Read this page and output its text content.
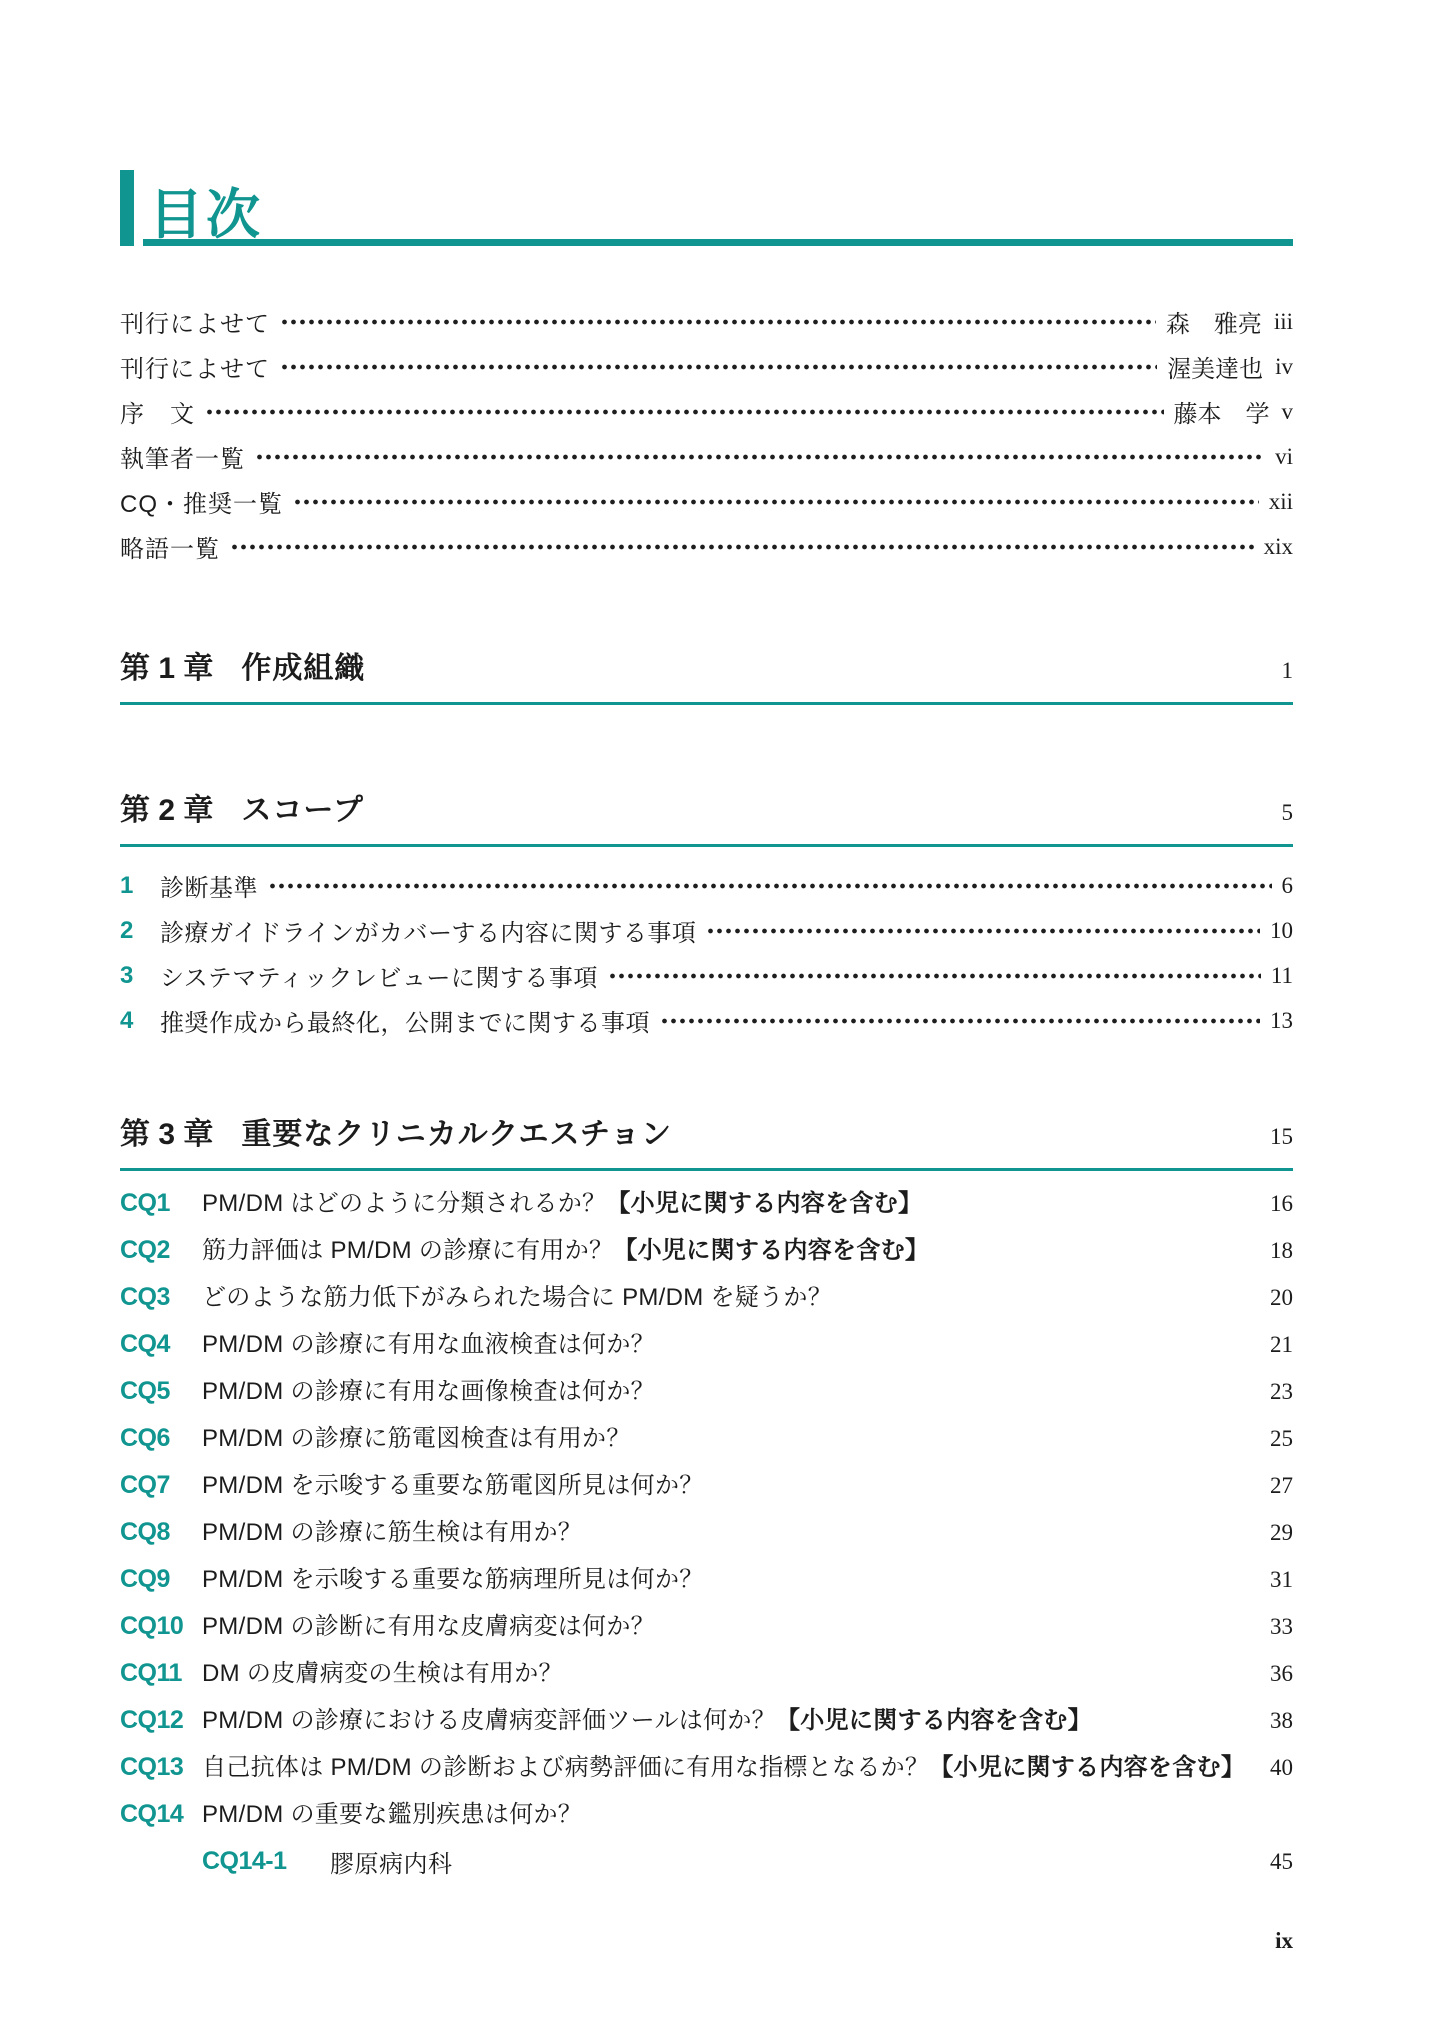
目次
刊行によせて	森　雅亮 iii
刊行によせて	渥美達也 iv
序　文	藤本　学 v
執筆者一覧	vi
CQ・推奨一覧	xii
略語一覧	xix
第 1 章 作成組織	1
第 2 章 スコープ	5
1	診断基準	6
2	診療ガイドラインがカバーする内容に関する事項	10
3	システマティックレビューに関する事項	11
4	推奨作成から最終化，公開までに関する事項	13
第 3 章 重要なクリニカルクエスチョン	15
CQ1	PM/DM はどのように分類されるか？【小児に関する内容を含む】	16
CQ2	筋力評価は PM/DM の診療に有用か？【小児に関する内容を含む】	18
CQ3	どのような筋力低下がみられた場合に PM/DM を疑うか？	20
CQ4	PM/DM の診療に有用な血液検査は何か？	21
CQ5	PM/DM の診療に有用な画像検査は何か？	23
CQ6	PM/DM の診療に筋電図検査は有用か？	25
CQ7	PM/DM を示唆する重要な筋電図所見は何か？	27
CQ8	PM/DM の診療に筋生検は有用か？	29
CQ9	PM/DM を示唆する重要な筋病理所見は何か？	31
CQ10 PM/DM の診断に有用な皮膚病変は何か？	33
CQ11 DM の皮膚病変の生検は有用か？	36
CQ12 PM/DM の診療における皮膚病変評価ツールは何か？【小児に関する内容を含む】	38
CQ13 自己抗体は PM/DM の診断および病勢評価に有用な指標となるか？【小児に関する内容を含む】	40
CQ14 PM/DM の重要な鑑別疾患は何か？
CQ14-1	膠原病内科	45
ix
